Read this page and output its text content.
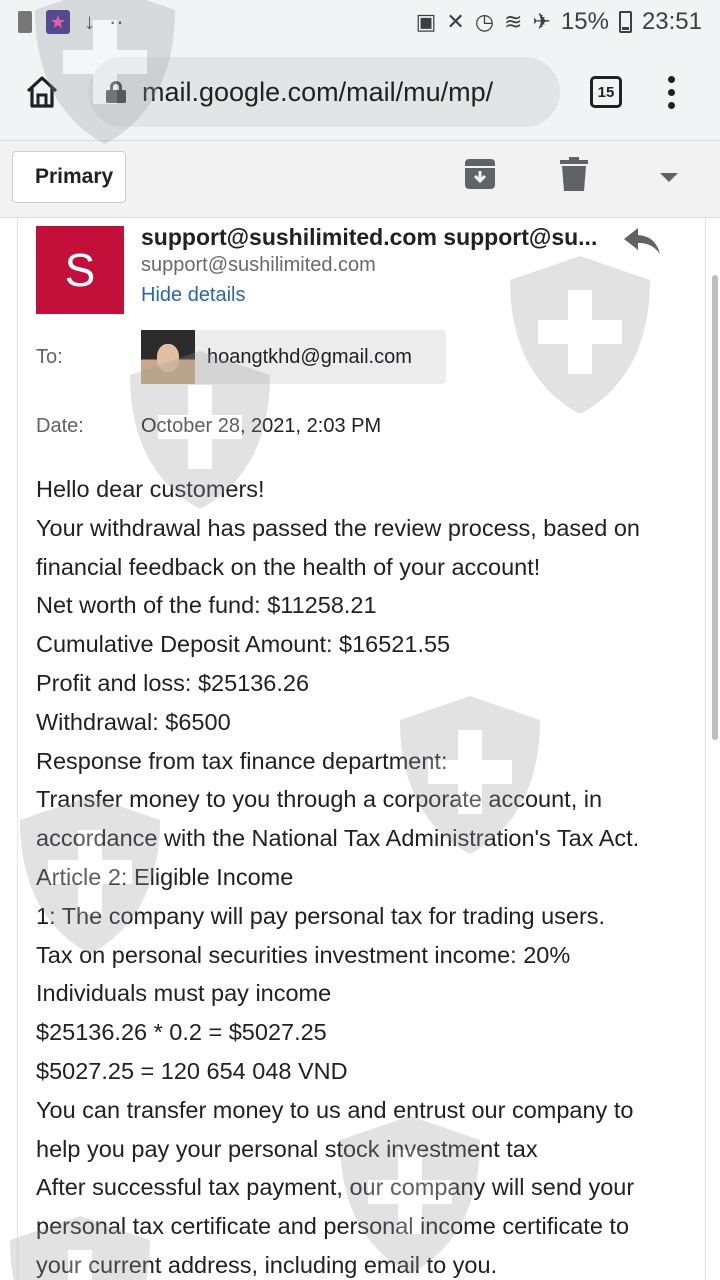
★ ↓ ··	▣ ✕ ◷ ≋ ✈ 15% 23:51
mail.google.com/mail/mu/mp/	15
Primary
S
support@sushilimited.com support@su...
support@sushilimited.com
Hide details
To:	hoangtkhd@gmail.com
Date:	October 28, 2021, 2:03 PM
Hello dear customers!
Your withdrawal has passed the review process, based on
financial feedback on the health of your account!
Net worth of the fund: $11258.21
Cumulative Deposit Amount: $16521.55
Profit and loss: $25136.26
Withdrawal: $6500
Response from tax finance department:
Transfer money to you through a corporate account, in
accordance with the National Tax Administration's Tax Act.
Article 2: Eligible Income
1: The company will pay personal tax for trading users.
Tax on personal securities investment income: 20%
Individuals must pay income
$25136.26 * 0.2 = $5027.25
$5027.25 = 120 654 048 VND
You can transfer money to us and entrust our company to
help you pay your personal stock investment tax
After successful tax payment, our company will send your
personal tax certificate and personal income certificate to
your current address, including email to you.
